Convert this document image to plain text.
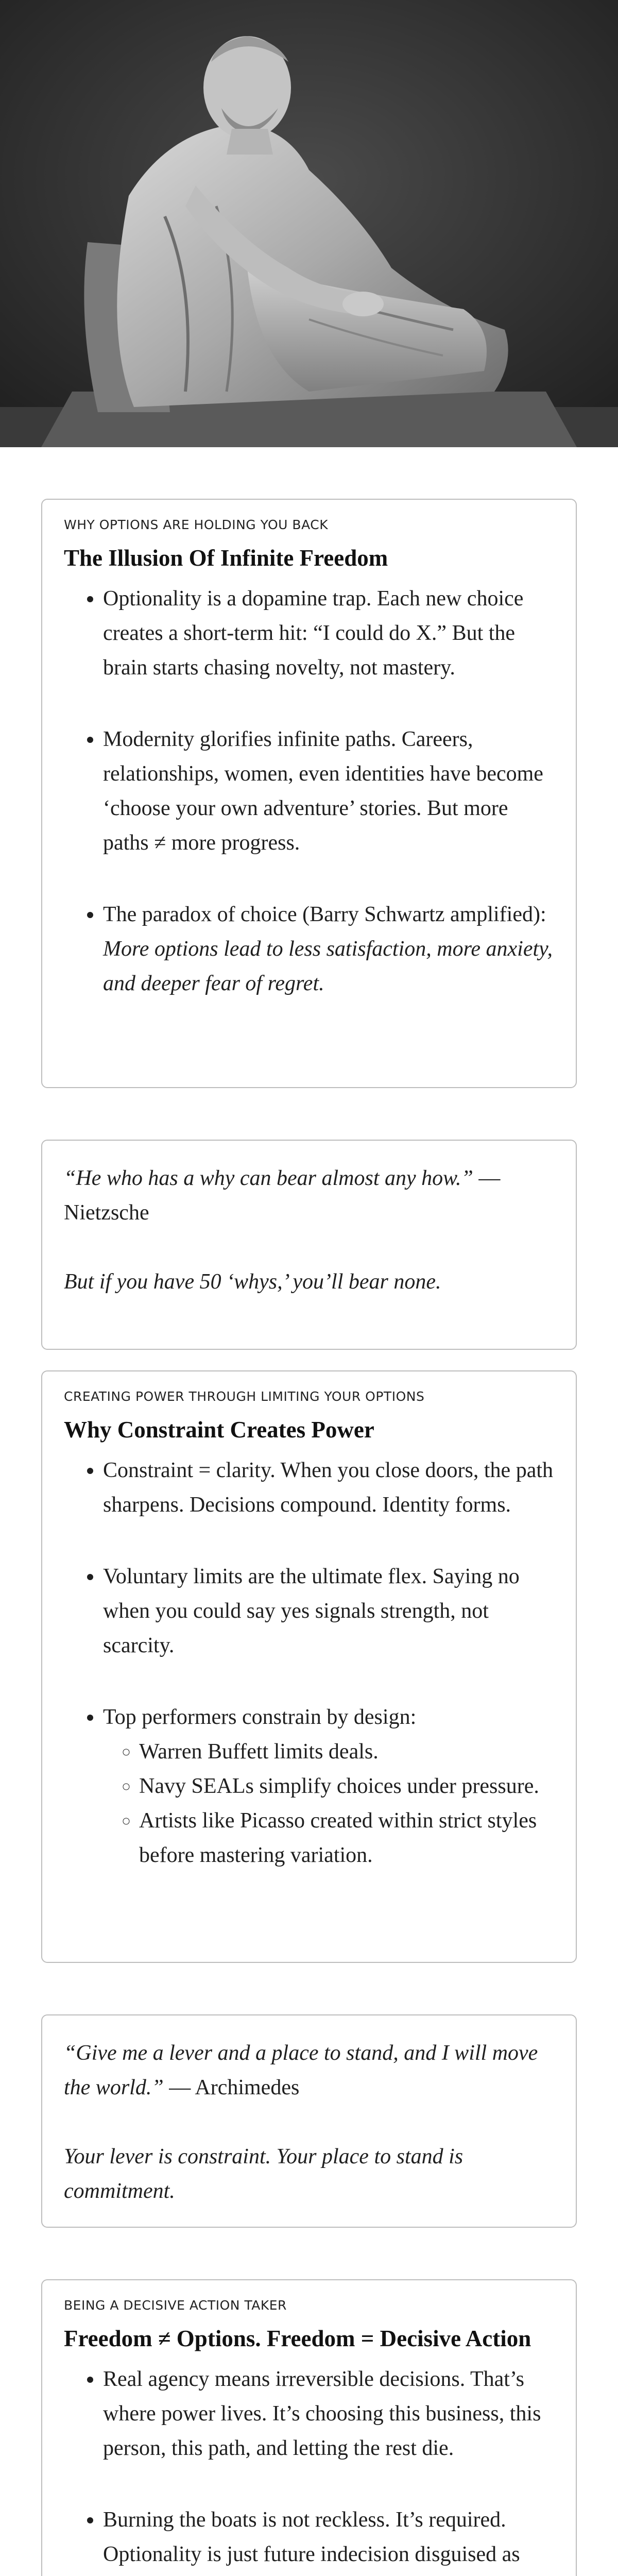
WHY OPTIONS ARE HOLDING YOU BACK
The Illusion Of Infinite Freedom
• Optionality is a dopamine trap. Each new choice creates a short-term hit: “I could do X.” But the brain starts chasing novelty, not mastery.
• Modernity glorifies infinite paths. Careers, relationships, women, even identities have become ‘choose your own adventure’ stories. But more paths ≠ more progress.
• The paradox of choice (Barry Schwartz amplified): More options lead to less satisfaction, more anxiety, and deeper fear of regret.

“He who has a why can bear almost any how.” — Nietzsche

But if you have 50 ‘whys,’ you’ll bear none.

CREATING POWER THROUGH LIMITING YOUR OPTIONS
Why Constraint Creates Power
• Constraint = clarity. When you close doors, the path sharpens. Decisions compound. Identity forms.
• Voluntary limits are the ultimate flex. Saying no when you could say yes signals strength, not scarcity.
• Top performers constrain by design:
◦ Warren Buffett limits deals.
◦ Navy SEALs simplify choices under pressure.
◦ Artists like Picasso created within strict styles before mastering variation.

“Give me a lever and a place to stand, and I will move the world.” — Archimedes

Your lever is constraint. Your place to stand is commitment.

BEING A DECISIVE ACTION TAKER
Freedom ≠ Options. Freedom = Decisive Action
• Real agency means irreversible decisions. That’s where power lives. It’s choosing this business, this person, this path, and letting the rest die.
• Burning the boats is not reckless. It’s required. Optionality is just future indecision disguised as
